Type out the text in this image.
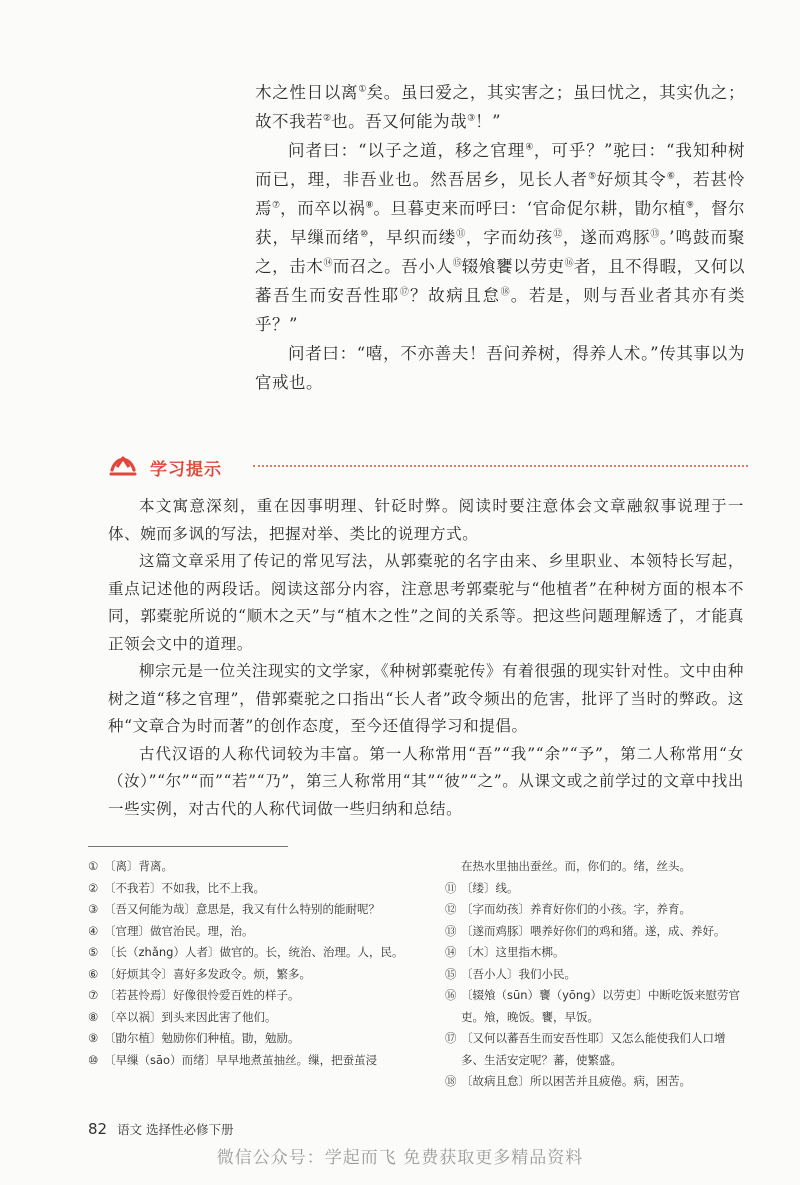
木之性日以离①矣。虽曰爱之，其实害之；虽曰忧之，其实仇之；故不我若②也。吾又何能为哉③！”

问者曰：“以子之道，移之官理④，可乎？”驼曰：“我知种树而已，理，非吾业也。然吾居乡，见长人者⑤好烦其令⑥，若甚怜焉⑦，而卒以祸⑧。旦暮吏来而呼曰：‘官命促尔耕，勖尔植⑨，督尔获，早缫而绪⑩，早织而缕⑪，字而幼孩⑫，遂而鸡豚⑬。’鸣鼓而聚之，击木⑭而召之。吾小人⑮辍飧饔以劳吏⑯者，且不得暇，又何以蕃吾生而安吾性耶⑰？故病且怠⑱。若是，则与吾业者其亦有类乎？”

问者曰：“嘻，不亦善夫！吾问养树，得养人术。”传其事以为官戒也。

学习提示

本文寓意深刻，重在因事明理、针砭时弊。阅读时要注意体会文章融叙事说理于一体、婉而多讽的写法，把握对举、类比的说理方式。

这篇文章采用了传记的常见写法，从郭橐驼的名字由来、乡里职业、本领特长写起，重点记述他的两段话。阅读这部分内容，注意思考郭橐驼与“他植者”在种树方面的根本不同，郭橐驼所说的“顺木之天”与“植木之性”之间的关系等。把这些问题理解透了，才能真正领会文中的道理。

柳宗元是一位关注现实的文学家，《种树郭橐驼传》有着很强的现实针对性。文中由种树之道“移之官理”，借郭橐驼之口指出“长人者”政令频出的危害，批评了当时的弊政。这种“文章合为时而著”的创作态度，至今还值得学习和提倡。

古代汉语的人称代词较为丰富。第一人称常用“吾”“我”“余”“予”，第二人称常用“女（汝）”“尔”“而”“若”“乃”，第三人称常用“其”“彼”“之”。从课文或之前学过的文章中找出一些实例，对古代的人称代词做一些归纳和总结。

① 〔离〕背离。
② 〔不我若〕不如我，比不上我。
③ 〔吾又何能为哉〕意思是，我又有什么特别的能耐呢？
④ 〔官理〕做官治民。理，治。
⑤ 〔长（zhǎng）人者〕做官的。长，统治、治理。人，民。
⑥ 〔好烦其令〕喜好多发政令。烦，繁多。
⑦ 〔若甚怜焉〕好像很怜爱百姓的样子。
⑧ 〔卒以祸〕到头来因此害了他们。
⑨ 〔勖尔植〕勉励你们种植。勖，勉励。
⑩ 〔早缫（sāo）而绪〕早早地煮茧抽丝。缫，把蚕茧浸
在热水里抽出蚕丝。而，你们的。绪，丝头。
⑪ 〔缕〕线。
⑫ 〔字而幼孩〕养育好你们的小孩。字，养育。
⑬ 〔遂而鸡豚〕喂养好你们的鸡和猪。遂，成、养好。
⑭ 〔木〕这里指木梆。
⑮ 〔吾小人〕我们小民。
⑯ 〔辍飧（sūn）饔（yōng）以劳吏〕中断吃饭来慰劳官吏。飧，晚饭。饔，早饭。
⑰ 〔又何以蕃吾生而安吾性耶〕又怎么能使我们人口增多、生活安定呢？蕃，使繁盛。
⑱ 〔故病且怠〕所以困苦并且疲倦。病，困苦。
82 语文 选择性必修下册
微信公众号：学起而飞 免费获取更多精品资料
